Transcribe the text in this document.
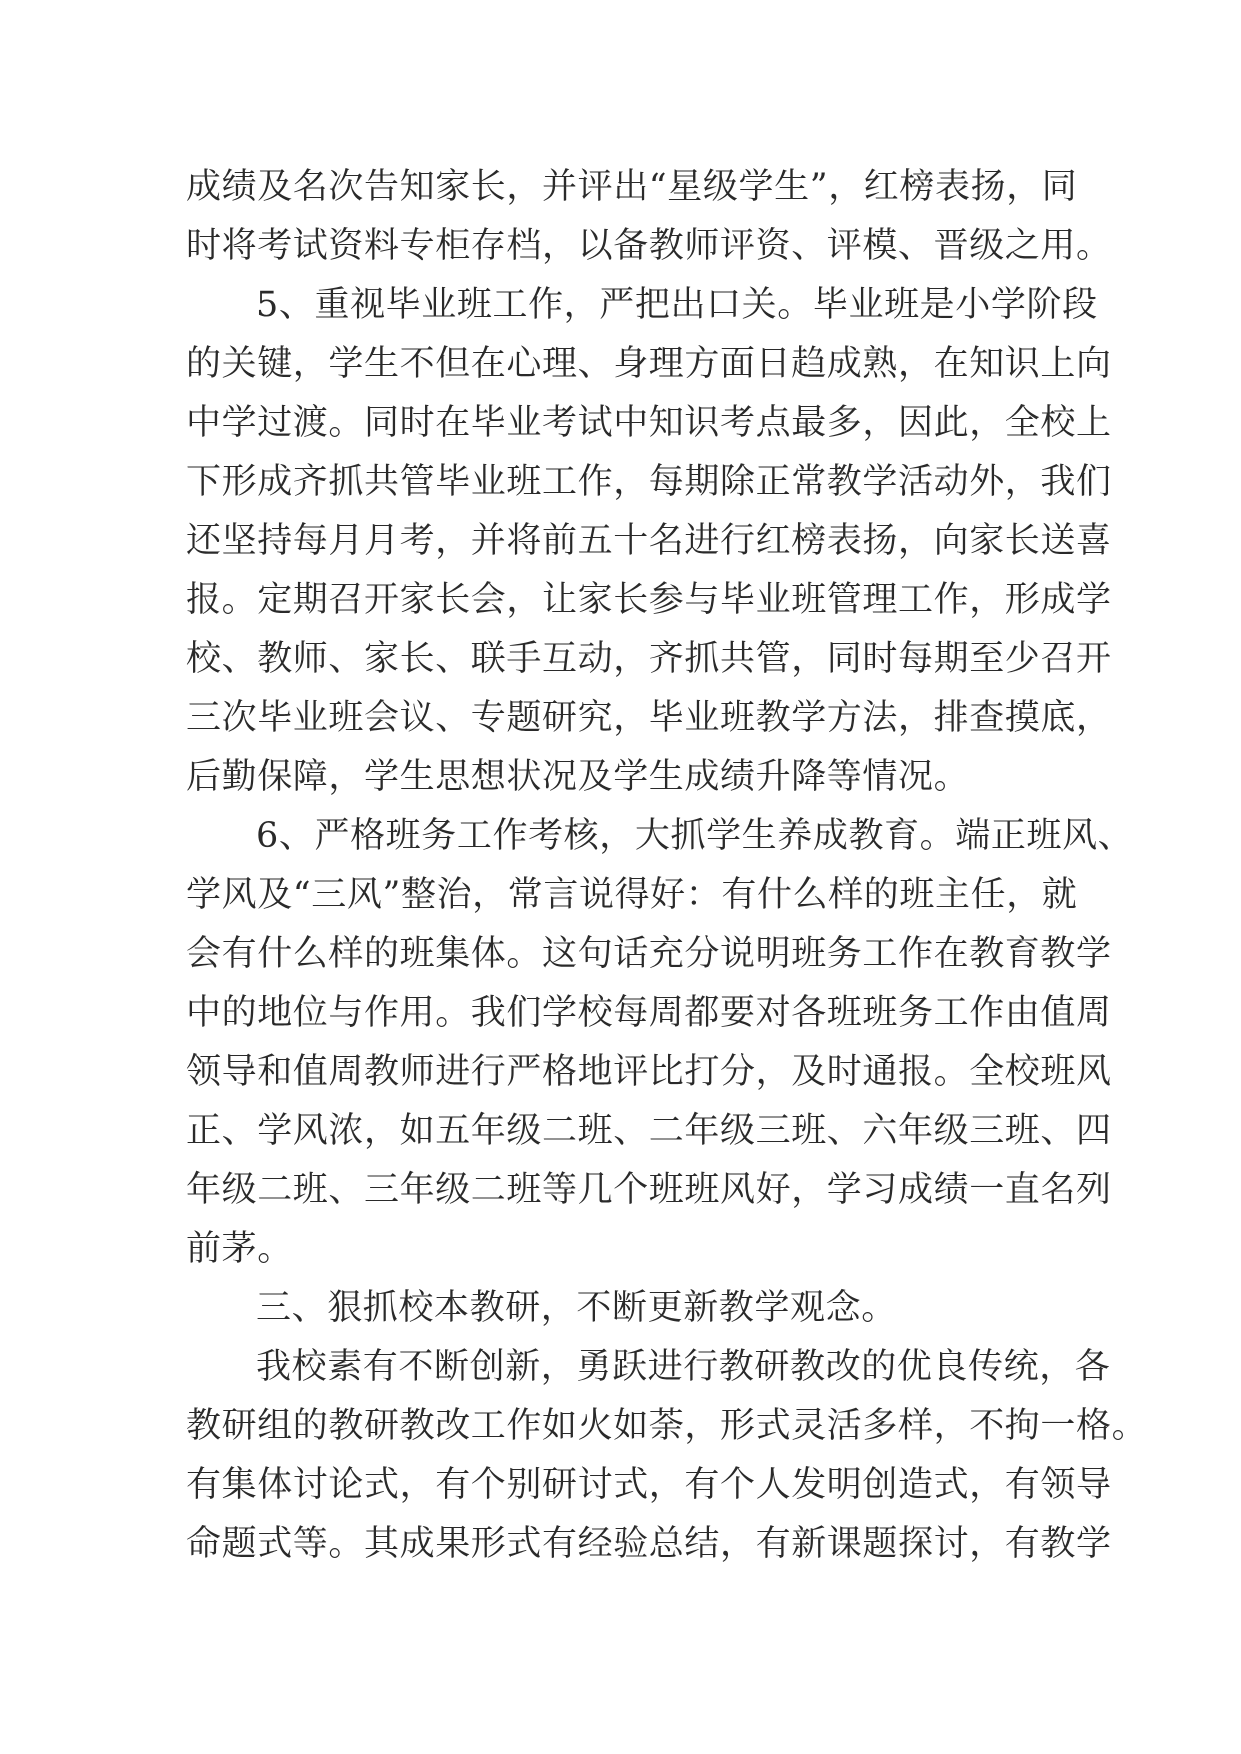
成绩及名次告知家长，并评出“星级学生”，红榜表扬，同
时将考试资料专柜存档，以备教师评资、评模、晋级之用。
5、重视毕业班工作，严把出口关。毕业班是小学阶段
的关键，学生不但在心理、身理方面日趋成熟，在知识上向
中学过渡。同时在毕业考试中知识考点最多，因此，全校上
下形成齐抓共管毕业班工作，每期除正常教学活动外，我们
还坚持每月月考，并将前五十名进行红榜表扬，向家长送喜
报。定期召开家长会，让家长参与毕业班管理工作，形成学
校、教师、家长、联手互动，齐抓共管，同时每期至少召开
三次毕业班会议、专题研究，毕业班教学方法，排查摸底，
后勤保障，学生思想状况及学生成绩升降等情况。
6、严格班务工作考核，大抓学生养成教育。端正班风、
学风及“三风”整治，常言说得好：有什么样的班主任，就
会有什么样的班集体。这句话充分说明班务工作在教育教学
中的地位与作用。我们学校每周都要对各班班务工作由值周
领导和值周教师进行严格地评比打分，及时通报。全校班风
正、学风浓，如五年级二班、二年级三班、六年级三班、四
年级二班、三年级二班等几个班班风好，学习成绩一直名列
前茅。
三、狠抓校本教研，不断更新教学观念。
我校素有不断创新，勇跃进行教研教改的优良传统，各
教研组的教研教改工作如火如荼，形式灵活多样，不拘一格。
有集体讨论式，有个别研讨式，有个人发明创造式，有领导
命题式等。其成果形式有经验总结，有新课题探讨，有教学
